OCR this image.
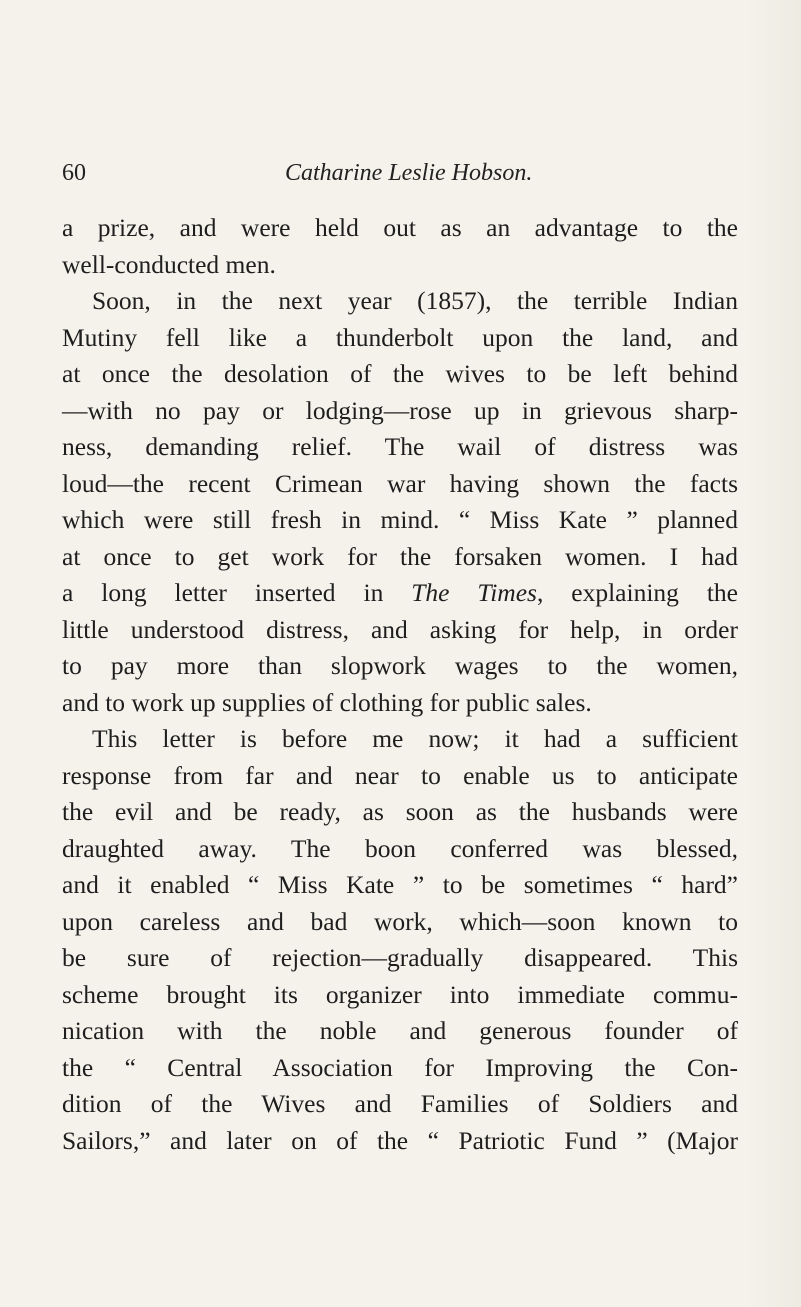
60	Catharine Leslie Hobson.
a prize, and were held out as an advantage to the
well-conducted men.
Soon, in the next year (1857), the terrible Indian
Mutiny fell like a thunderbolt upon the land, and
at once the desolation of the wives to be left behind
—with no pay or lodging—rose up in grievous sharp-
ness, demanding relief. The wail of distress was
loud—the recent Crimean war having shown the facts
which were still fresh in mind. “ Miss Kate ” planned
at once to get work for the forsaken women. I had
a long letter inserted in The Times, explaining the
little understood distress, and asking for help, in order
to pay more than slopwork wages to the women,
and to work up supplies of clothing for public sales.
This letter is before me now; it had a sufficient
response from far and near to enable us to anticipate
the evil and be ready, as soon as the husbands were
draughted away. The boon conferred was blessed,
and it enabled “ Miss Kate ” to be sometimes “ hard”
upon careless and bad work, which—soon known to
be sure of rejection—gradually disappeared. This
scheme brought its organizer into immediate commu-
nication with the noble and generous founder of
the “ Central Association for Improving the Con-
dition of the Wives and Families of Soldiers and
Sailors,” and later on of the “ Patriotic Fund ” (Major
